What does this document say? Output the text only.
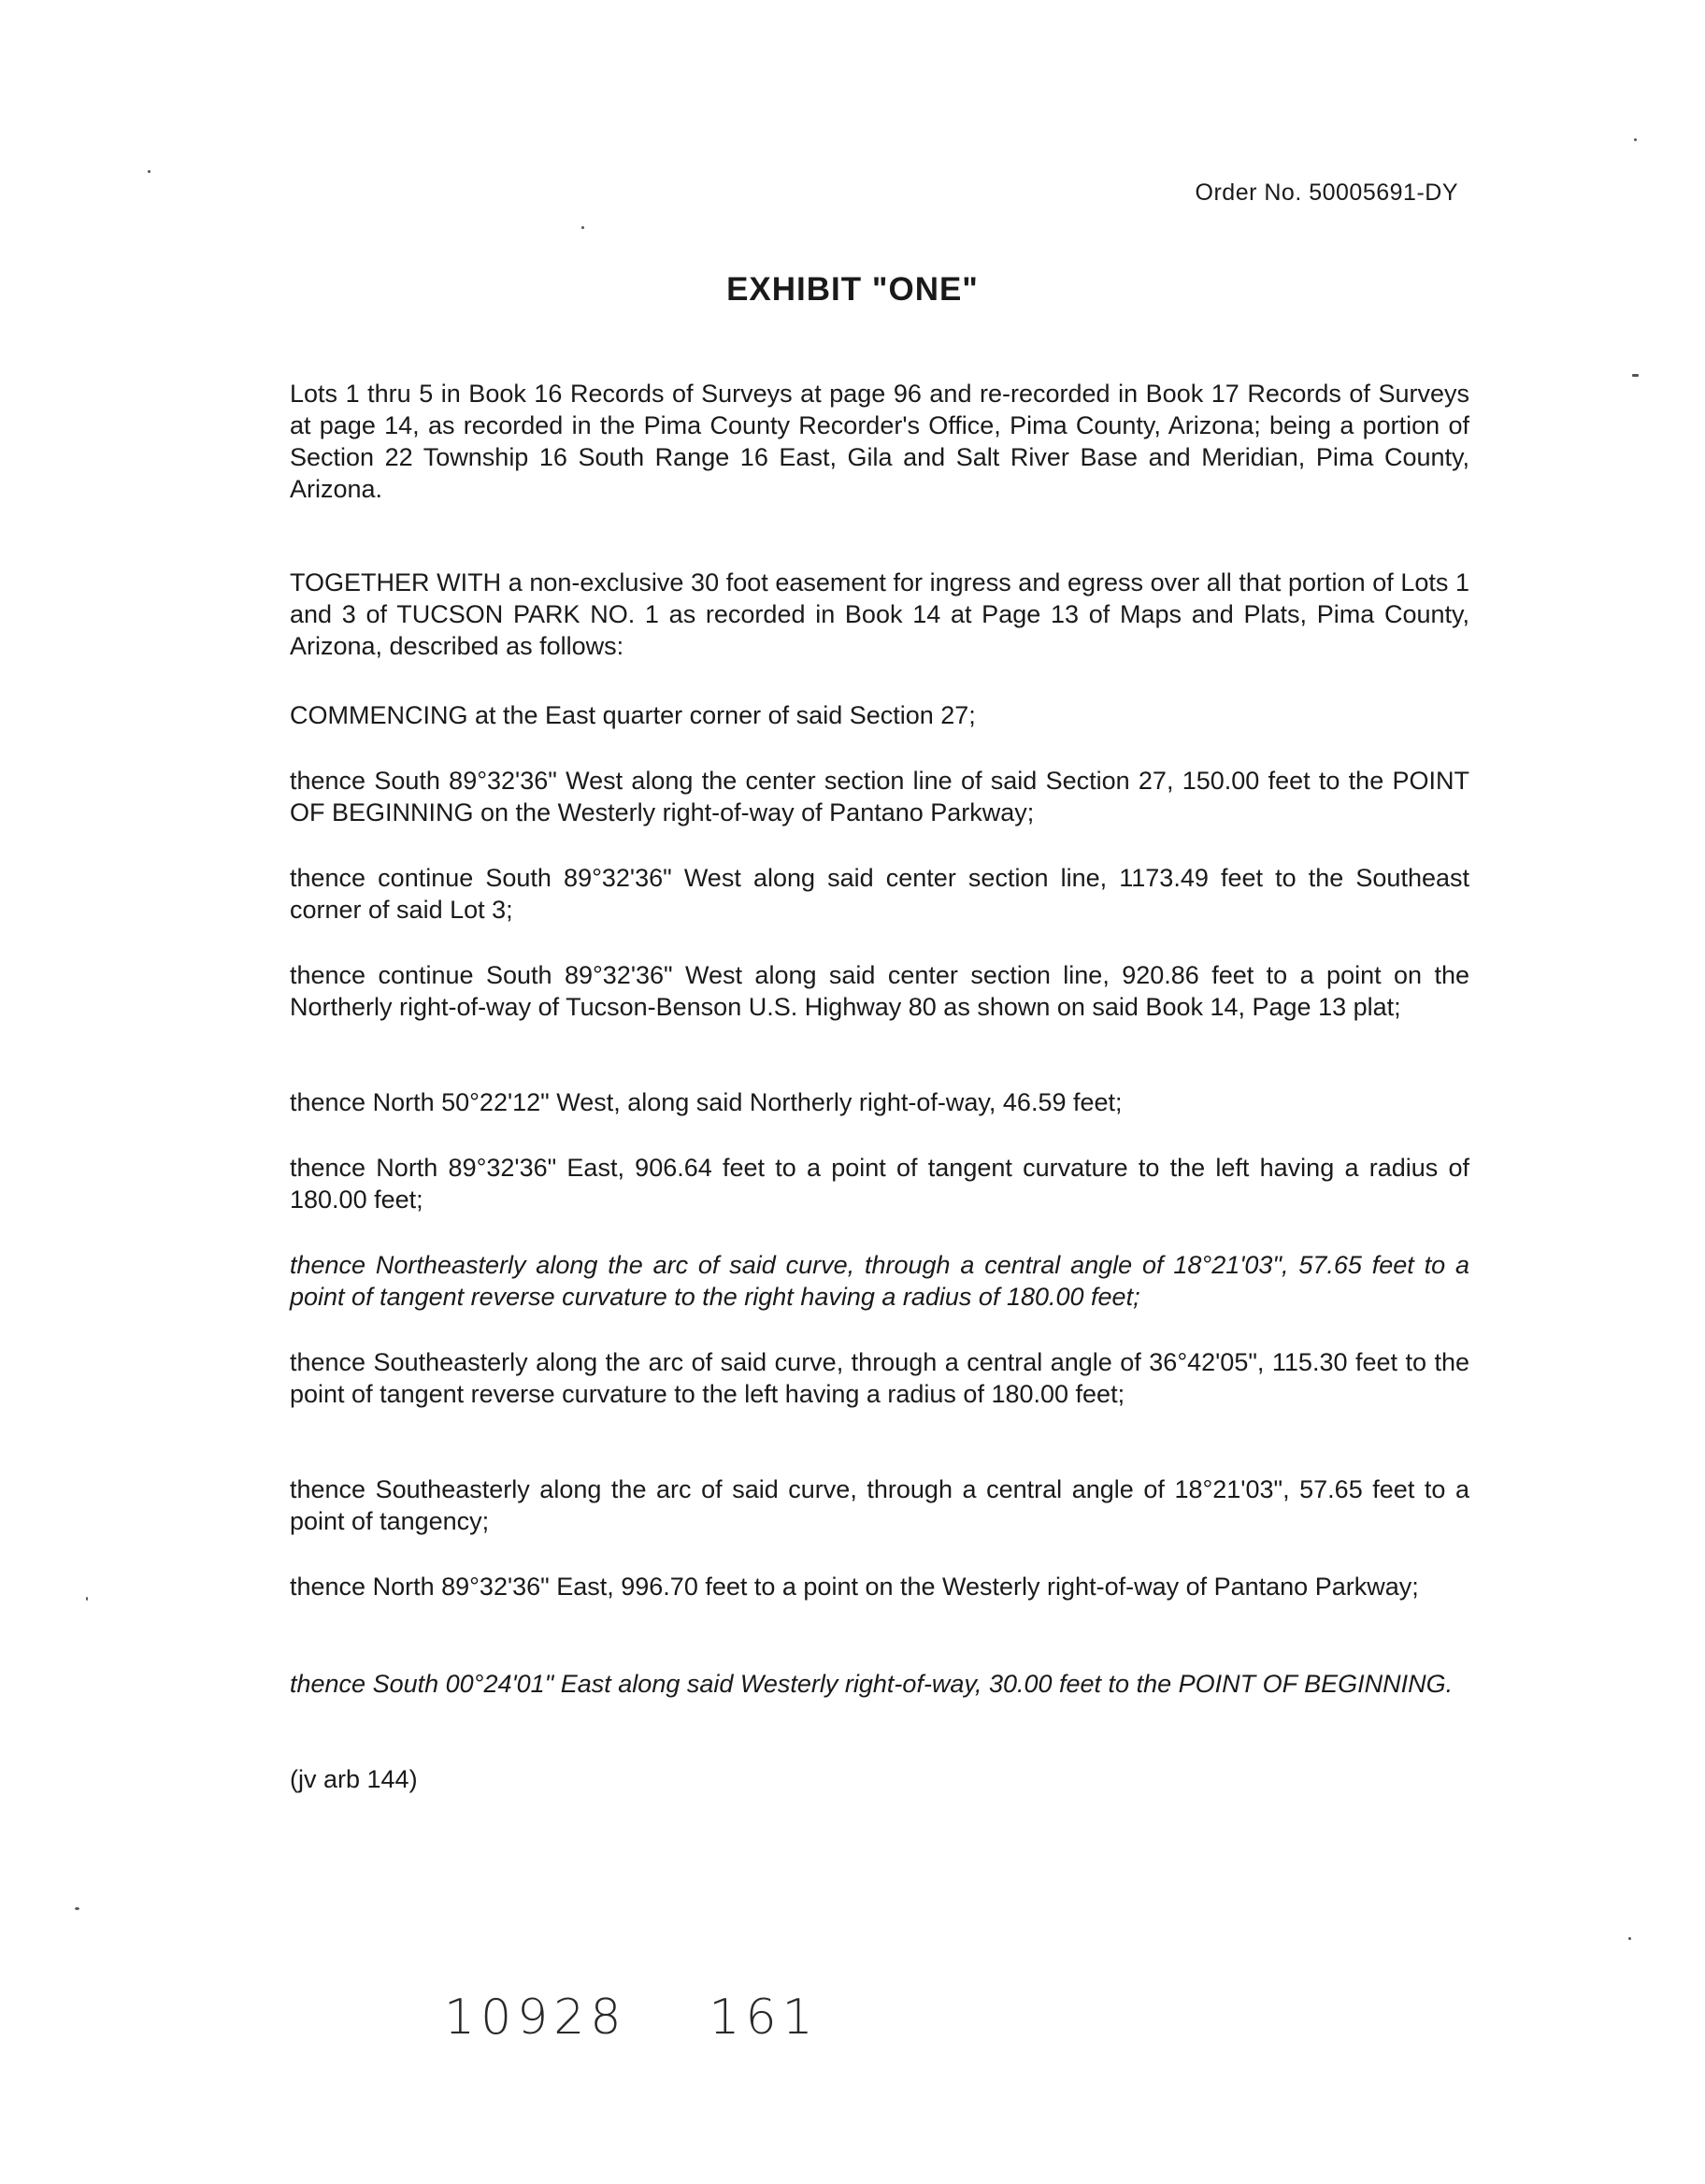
Order No. 50005691-DY
EXHIBIT "ONE"

Lots 1 thru 5 in Book 16 Records of Surveys at page 96 and re-recorded in Book 17 Records of Surveys at page 14, as recorded in the Pima County Recorder's Office, Pima County, Arizona; being a portion of Section 22 Township 16 South Range 16 East, Gila and Salt River Base and Meridian, Pima County, Arizona.

TOGETHER WITH a non-exclusive 30 foot easement for ingress and egress over all that portion of Lots 1 and 3 of TUCSON PARK NO. 1 as recorded in Book 14 at Page 13 of Maps and Plats, Pima County, Arizona, described as follows:

COMMENCING at the East quarter corner of said Section 27;

thence South 89°32'36" West along the center section line of said Section 27, 150.00 feet to the POINT OF BEGINNING on the Westerly right-of-way of Pantano Parkway;

thence continue South 89°32'36" West along said center section line, 1173.49 feet to the Southeast corner of said Lot 3;

thence continue South 89°32'36" West along said center section line, 920.86 feet to a point on the Northerly right-of-way of Tucson-Benson U.S. Highway 80 as shown on said Book 14, Page 13 plat;

thence North 50°22'12" West, along said Northerly right-of-way, 46.59 feet;

thence North 89°32'36" East, 906.64 feet to a point of tangent curvature to the left having a radius of 180.00 feet;

thence Northeasterly along the arc of said curve, through a central angle of 18°21'03", 57.65 feet to a point of tangent reverse curvature to the right having a radius of 180.00 feet;

thence Southeasterly along the arc of said curve, through a central angle of 36°42'05", 115.30 feet to the point of tangent reverse curvature to the left having a radius of 180.00 feet;

thence Southeasterly along the arc of said curve, through a central angle of 18°21'03", 57.65 feet to a point of tangency;

thence North 89°32'36" East, 996.70 feet to a point on the Westerly right-of-way of Pantano Parkway;

thence South 00°24'01" East along said Westerly right-of-way, 30.00 feet to the POINT OF BEGINNING.

(jv arb 144)

10928 161
